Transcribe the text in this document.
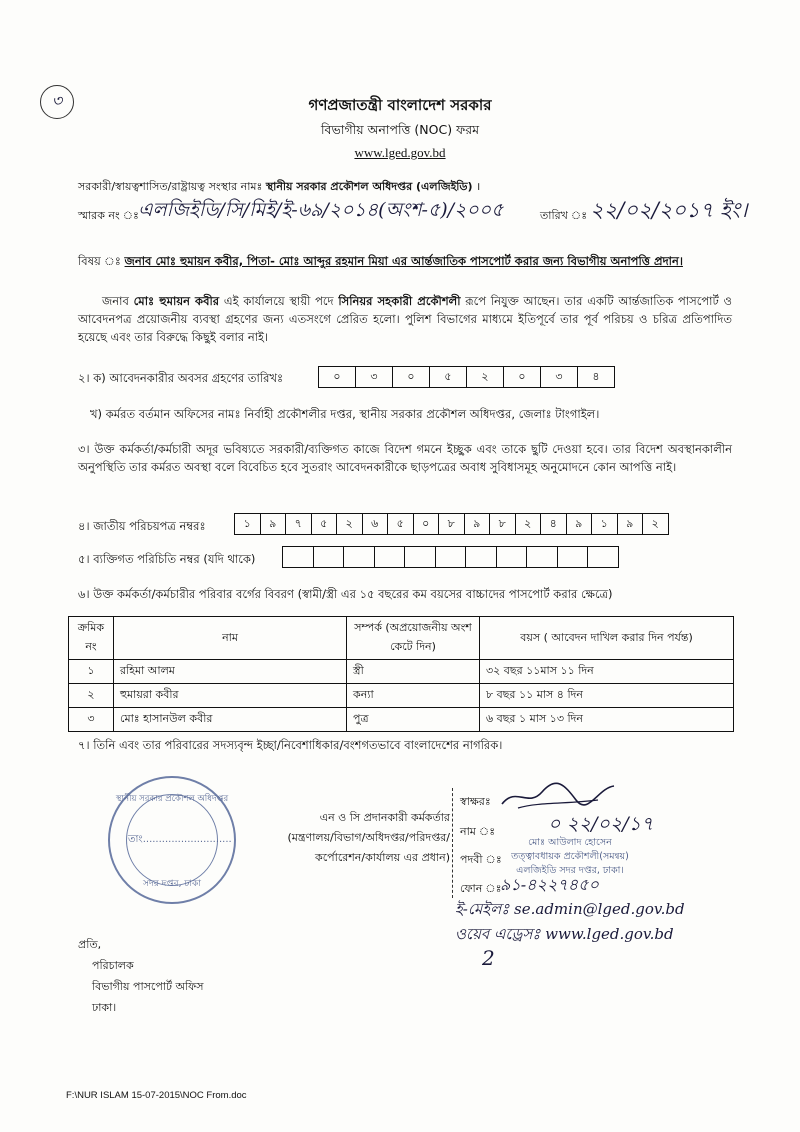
৩	গণপ্রজাতন্ত্রী বাংলাদেশ সরকার
বিভাগীয় অনাপত্তি (NOC) ফরম
www.lged.gov.bd
সরকারী/স্বায়ত্বশাসিত/রাষ্ট্রায়ত্ব সংস্থার নামঃ স্থানীয় সরকার প্রকৌশল অধিদপ্তর (এলজিইডি) ।
স্মারক নং ঃ এলজিইডি/সি/মিই/ই-৬৯/২০১৪(অংশ-৫)/২০০৫	তারিখ ঃ ২২/০২/২০১৭ ইং।
বিষয় ঃ জনাব মোঃ হুমায়ন কবীর, পিতা- মোঃ আব্দুর রহমান মিয়া এর আর্ন্তজাতিক পাসপোর্ট করার জন্য বিভাগীয় অনাপত্তি প্রদান।
জনাব মোঃ হুমায়ন কবীর এই কার্যালয়ে স্থায়ী পদে সিনিয়র সহকারী প্রকৌশলী রূপে নিযুক্ত আছেন। তার একটি আর্ন্তজাতিক পাসপোর্ট ও আবেদনপত্র প্রয়োজনীয় ব্যবস্থা গ্রহণের জন্য এতসংগে প্রেরিত হলো। পুলিশ বিভাগের মাধ্যমে ইতিপূর্বে তার পূর্ব পরিচয় ও চরিত্র প্রতিপাদিত হয়েছে এবং তার বিরুদ্ধে কিছুই বলার নাই।
২। ক) আবেদনকারীর অবসর গ্রহণের তারিখঃ	০	৩	০	৫	২	০	৩	৪
খ) কর্মরত বর্তমান অফিসের নামঃ নির্বাহী প্রকৌশলীর দপ্তর, স্থানীয় সরকার প্রকৌশল অধিদপ্তর, জেলাঃ টাংগাইল।
৩। উক্ত কর্মকর্তা/কর্মচারী অদূর ভবিষ্যতে সরকারী/ব্যক্তিগত কাজে বিদেশ গমনে ইচ্ছুক এবং তাকে ছুটি দেওয়া হবে। তার বিদেশ অবস্থানকালীন অনুপস্থিতি তার কর্মরত অবস্থা বলে বিবেচিত হবে সুতরাং আবেদনকারীকে ছাড়পত্রের অবাধ সুবিধাসমূহ অনুমোদনে কোন আপত্তি নাই।
৪। জাতীয় পরিচয়পত্র নম্বরঃ	১	৯	৭	৫	২	৬	৫	০	৮	৯	৮	২	৪	৯	১	৯	২
৫। ব্যক্তিগত পরিচিতি নম্বর (যদি থাকে)
৬। উক্ত কর্মকর্তা/কর্মচারীর পরিবার বর্গের বিবরণ (স্বামী/স্ত্রী এর ১৫ বছরের কম বয়সের বাচ্চাদের পাসপোর্ট করার ক্ষেত্রে)
ক্রমিক নং	নাম	সম্পর্ক (অপ্রয়োজনীয় অংশ কেটে দিন)	বয়স ( আবেদন দাখিল করার দিন পর্যন্ত)
১	রহিমা আলম	স্ত্রী	৩২ বছর ১১মাস ১১ দিন
২	হুমায়রা কবীর	কন্যা	৮ বছর ১১ মাস ৪ দিন
৩	মোঃ হাসানউল কবীর	পুত্র	৬ বছর ১ মাস ১৩ দিন
৭। তিনি এবং তার পরিবারের সদস্যবৃন্দ ইচ্ছা/নিবেশাধিকার/বংশগতভাবে বাংলাদেশের নাগরিক।
স্থানীয় সরকার প্রকৌশল অধিদপ্তর
তাং............................
সদর দপ্তর, ঢাকা
এন ও সি প্রদানকারী কর্মকর্তার
(মন্ত্রণালয়/বিভাগ/অধিদপ্তর/পরিদপ্তর/
কর্পোরেশন/কার্যালয় এর প্রধান)
স্বাক্ষরঃ
নাম ঃ	০ ২২/০২/১৭
মোঃ আউলাদ হোসেন
তত্ত্বাবধায়ক প্রকৌশলী(সমন্বয়)
এলজিইডি সদর দপ্তর, ঢাকা।
পদবী ঃ
ফোন ঃ
৯১-৪২২৭৪৫০
ই-মেইলঃ se.admin@lged.gov.bd
ওয়েব এড্রেসঃ www.lged.gov.bd
2
প্রতি,
পরিচালক
বিভাগীয় পাসপোর্ট অফিস
ঢাকা।
F:\NUR ISLAM 15-07-2015\NOC From.doc
